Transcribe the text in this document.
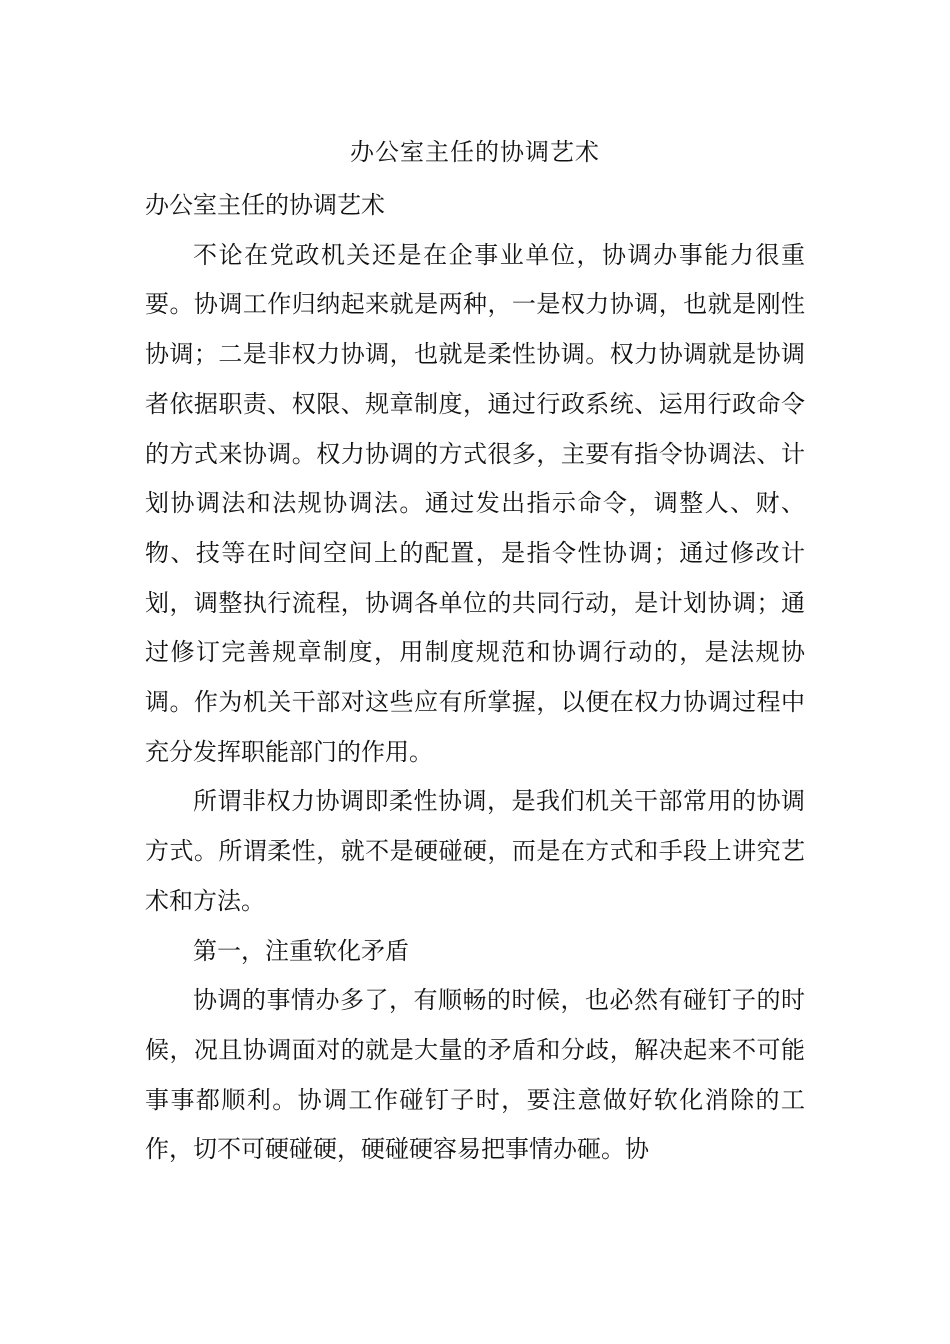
办公室主任的协调艺术

办公室主任的协调艺术

不论在党政机关还是在企事业单位，协调办事能力很重要。协调工作归纳起来就是两种，一是权力协调，也就是刚性协调；二是非权力协调，也就是柔性协调。权力协调就是协调者依据职责、权限、规章制度，通过行政系统、运用行政命令的方式来协调。权力协调的方式很多，主要有指令协调法、计划协调法和法规协调法。通过发出指示命令，调整人、财、物、技等在时间空间上的配置，是指令性协调；通过修改计划，调整执行流程，协调各单位的共同行动，是计划协调；通过修订完善规章制度，用制度规范和协调行动的，是法规协调。作为机关干部对这些应有所掌握，以便在权力协调过程中充分发挥职能部门的作用。

所谓非权力协调即柔性协调，是我们机关干部常用的协调方式。所谓柔性，就不是硬碰硬，而是在方式和手段上讲究艺术和方法。

第一，注重软化矛盾

协调的事情办多了，有顺畅的时候，也必然有碰钉子的时候，况且协调面对的就是大量的矛盾和分歧，解决起来不可能事事都顺利。协调工作碰钉子时，要注意做好软化消除的工作，切不可硬碰硬，硬碰硬容易把事情办砸。协
